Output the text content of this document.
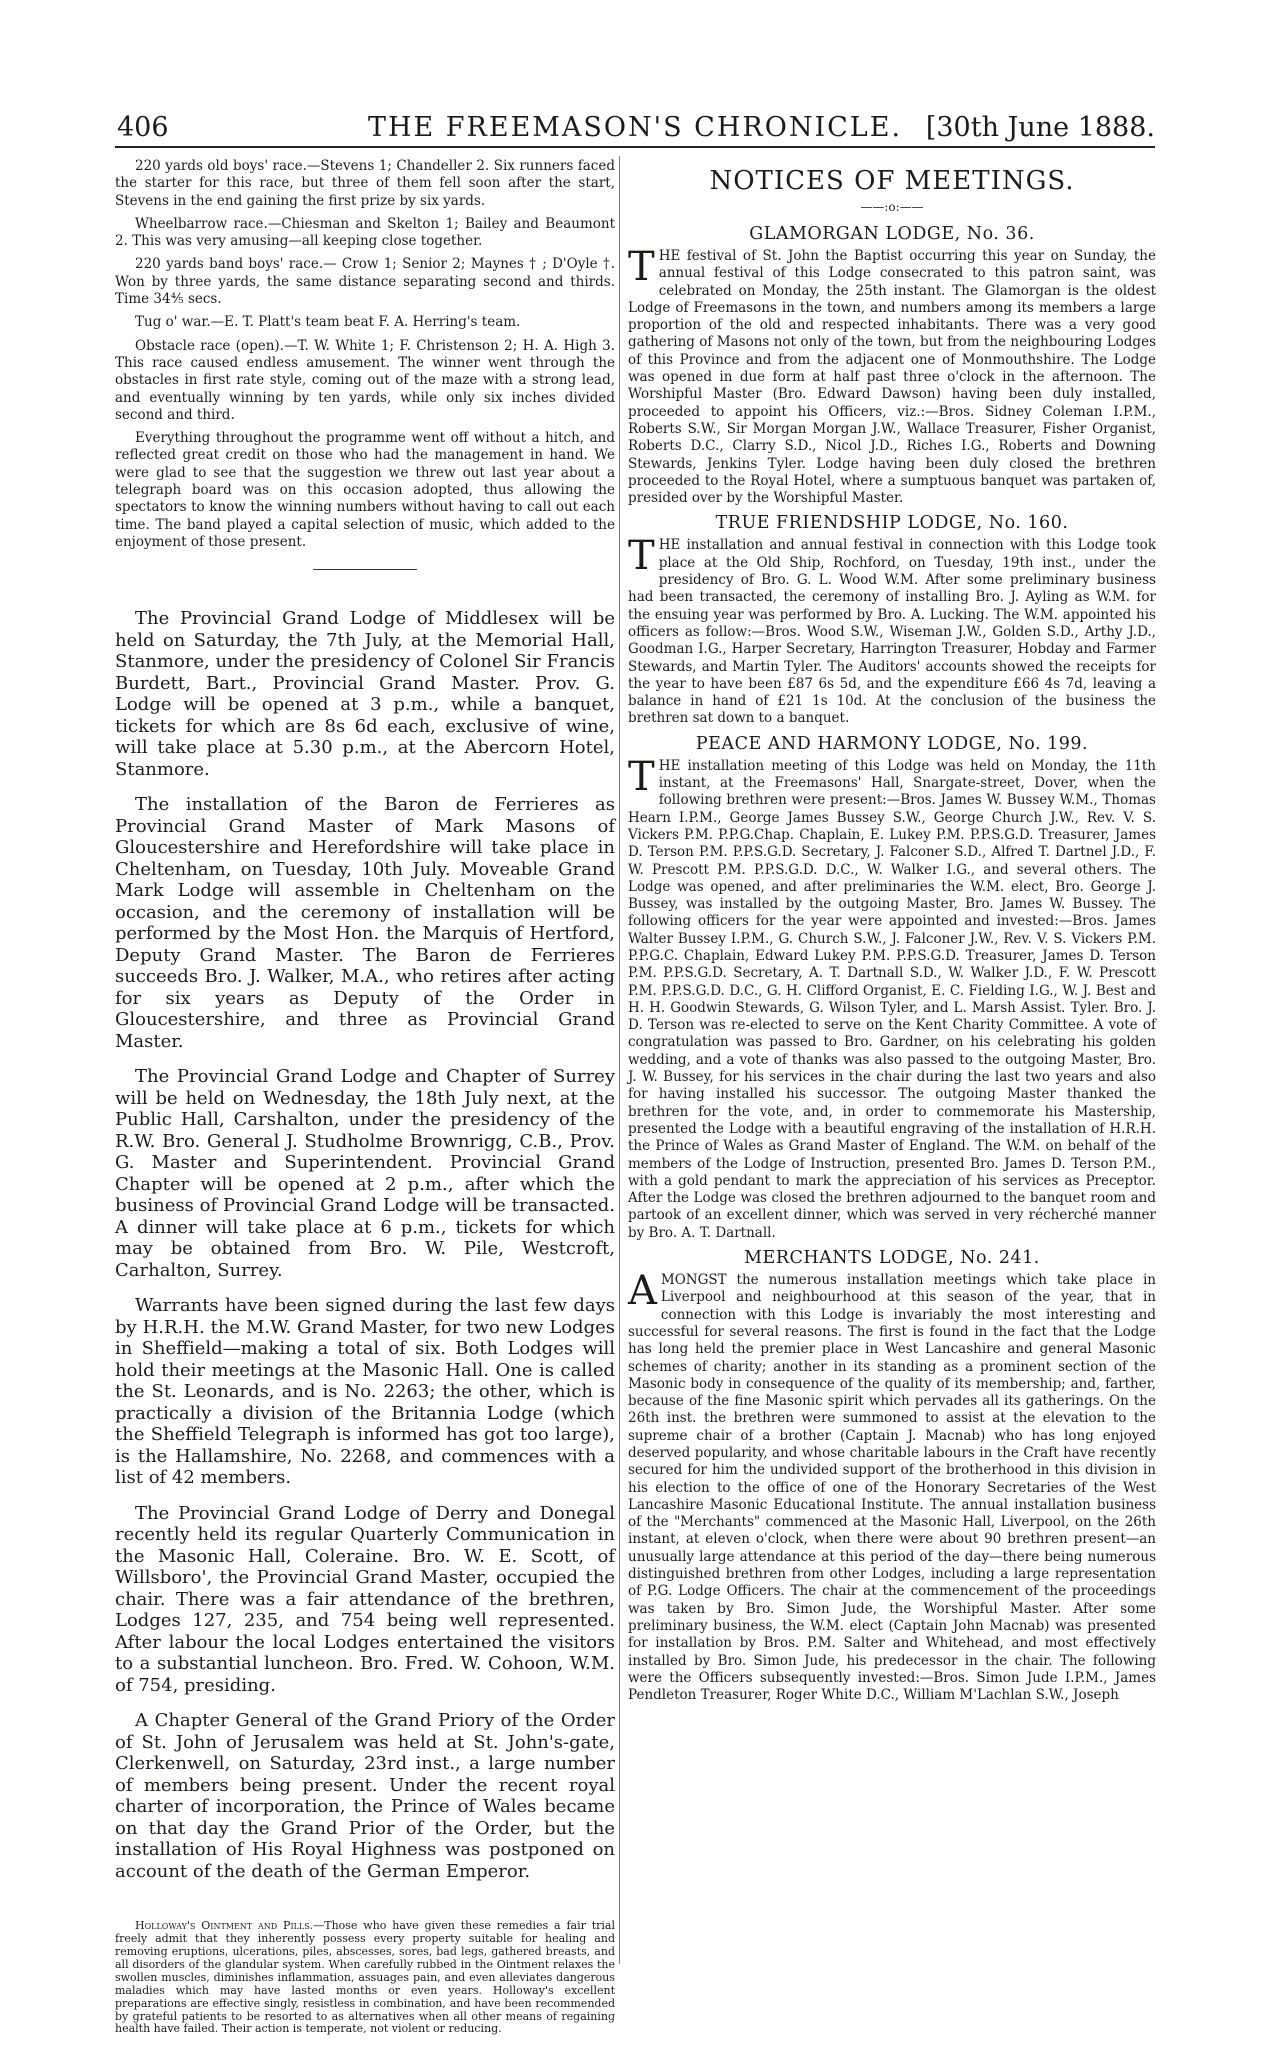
406	THE FREEMASON'S CHRONICLE. [30th June 1888.

220 yards old boys' race.—Stevens 1; Chandeller 2. Six runners faced the starter for this race, but three of them fell soon after the start, Stevens in the end gaining the first prize by six yards.

Wheelbarrow race.—Chiesman and Skelton 1; Bailey and Beaumont 2. This was very amusing—all keeping close together.

220 yards band boys' race.— Crow 1; Senior 2; Maynes † ; D'Oyle †. Won by three yards, the same distance separating second and thirds. Time 34⅘ secs.

Tug o' war.—E. T. Platt's team beat F. A. Herring's team.

Obstacle race (open).—T. W. White 1; F. Christenson 2; H. A. High 3. This race caused endless amusement. The winner went through the obstacles in first rate style, coming out of the maze with a strong lead, and eventually winning by ten yards, while only six inches divided second and third.

Everything throughout the programme went off without a hitch, and reflected great credit on those who had the management in hand. We were glad to see that the suggestion we threw out last year about a telegraph board was on this occasion adopted, thus allowing the spectators to know the winning numbers without having to call out each time. The band played a capital selection of music, which added to the enjoyment of those present.

The Provincial Grand Lodge of Middlesex will be held on Saturday, the 7th July, at the Memorial Hall, Stanmore, under the presidency of Colonel Sir Francis Burdett, Bart., Provincial Grand Master. Prov. G. Lodge will be opened at 3 p.m., while a banquet, tickets for which are 8s 6d each, exclusive of wine, will take place at 5.30 p.m., at the Abercorn Hotel, Stanmore.

The installation of the Baron de Ferrieres as Provincial Grand Master of Mark Masons of Gloucestershire and Herefordshire will take place in Cheltenham, on Tuesday, 10th July. Moveable Grand Mark Lodge will assemble in Cheltenham on the occasion, and the ceremony of installation will be performed by the Most Hon. the Marquis of Hertford, Deputy Grand Master. The Baron de Ferrieres succeeds Bro. J. Walker, M.A., who retires after acting for six years as Deputy of the Order in Gloucestershire, and three as Provincial Grand Master.

The Provincial Grand Lodge and Chapter of Surrey will be held on Wednesday, the 18th July next, at the Public Hall, Carshalton, under the presidency of the R.W. Bro. General J. Studholme Brownrigg, C.B., Prov. G. Master and Superintendent. Provincial Grand Chapter will be opened at 2 p.m., after which the business of Provincial Grand Lodge will be transacted. A dinner will take place at 6 p.m., tickets for which may be obtained from Bro. W. Pile, Westcroft, Carhalton, Surrey.

Warrants have been signed during the last few days by H.R.H. the M.W. Grand Master, for two new Lodges in Sheffield—making a total of six. Both Lodges will hold their meetings at the Masonic Hall. One is called the St. Leonards, and is No. 2263; the other, which is practically a division of the Britannia Lodge (which the Sheffield Telegraph is informed has got too large), is the Hallamshire, No. 2268, and commences with a list of 42 members.

The Provincial Grand Lodge of Derry and Donegal recently held its regular Quarterly Communication in the Masonic Hall, Coleraine. Bro. W. E. Scott, of Willsboro', the Provincial Grand Master, occupied the chair. There was a fair attendance of the brethren, Lodges 127, 235, and 754 being well represented. After labour the local Lodges entertained the visitors to a substantial luncheon. Bro. Fred. W. Cohoon, W.M. of 754, presiding.

A Chapter General of the Grand Priory of the Order of St. John of Jerusalem was held at St. John's-gate, Clerkenwell, on Saturday, 23rd inst., a large number of members being present. Under the recent royal charter of incorporation, the Prince of Wales became on that day the Grand Prior of the Order, but the installation of His Royal Highness was postponed on account of the death of the German Emperor.

Holloway's Ointment and Pills.—Those who have given these remedies a fair trial freely admit that they inherently possess every property suitable for healing and removing eruptions, ulcerations, piles, abscesses, sores, bad legs, gathered breasts, and all disorders of the glandular system. When carefully rubbed in the Ointment relaxes the swollen muscles, diminishes inflammation, assuages pain, and even alleviates dangerous maladies which may have lasted months or even years. Holloway's excellent preparations are effective singly, resistless in combination, and have been recommended by grateful patients to be resorted to as alternatives when all other means of regaining health have failed. Their action is temperate, not violent or reducing.

NOTICES OF MEETINGS.
——:o:——
GLAMORGAN LODGE, No. 36.

THE festival of St. John the Baptist occurring this year on Sunday, the annual festival of this Lodge consecrated to this patron saint, was celebrated on Monday, the 25th instant. The Glamorgan is the oldest Lodge of Freemasons in the town, and numbers among its members a large proportion of the old and respected inhabitants. There was a very good gathering of Masons not only of the town, but from the neighbouring Lodges of this Province and from the adjacent one of Monmouthshire. The Lodge was opened in due form at half past three o'clock in the afternoon. The Worshipful Master (Bro. Edward Dawson) having been duly installed, proceeded to appoint his Officers, viz.:—Bros. Sidney Coleman I.P.M., Roberts S.W., Sir Morgan Morgan J.W., Wallace Treasurer, Fisher Organist, Roberts D.C., Clarry S.D., Nicol J.D., Riches I.G., Roberts and Downing Stewards, Jenkins Tyler. Lodge having been duly closed the brethren proceeded to the Royal Hotel, where a sumptuous banquet was partaken of, presided over by the Worshipful Master.

TRUE FRIENDSHIP LODGE, No. 160.

THE installation and annual festival in connection with this Lodge took place at the Old Ship, Rochford, on Tuesday, 19th inst., under the presidency of Bro. G. L. Wood W.M. After some preliminary business had been transacted, the ceremony of installing Bro. J. Ayling as W.M. for the ensuing year was performed by Bro. A. Lucking. The W.M. appointed his officers as follow:—Bros. Wood S.W., Wiseman J.W., Golden S.D., Arthy J.D., Goodman I.G., Harper Secretary, Harrington Treasurer, Hobday and Farmer Stewards, and Martin Tyler. The Auditors' accounts showed the receipts for the year to have been £87 6s 5d, and the expenditure £66 4s 7d, leaving a balance in hand of £21 1s 10d. At the conclusion of the business the brethren sat down to a banquet.

PEACE AND HARMONY LODGE, No. 199.

THE installation meeting of this Lodge was held on Monday, the 11th instant, at the Freemasons' Hall, Snargate-street, Dover, when the following brethren were present:—Bros. James W. Bussey W.M., Thomas Hearn I.P.M., George James Bussey S.W., George Church J.W., Rev. V. S. Vickers P.M. P.P.G.Chap. Chaplain, E. Lukey P.M. P.P.S.G.D. Treasurer, James D. Terson P.M. P.P.S.G.D. Secretary, J. Falconer S.D., Alfred T. Dartnel J.D., F. W. Prescott P.M. P.P.S.G.D. D.C., W. Walker I.G., and several others. The Lodge was opened, and after preliminaries the W.M. elect, Bro. George J. Bussey, was installed by the outgoing Master, Bro. James W. Bussey. The following officers for the year were appointed and invested:—Bros. James Walter Bussey I.P.M., G. Church S.W., J. Falconer J.W., Rev. V. S. Vickers P.M. P.P.G.C. Chaplain, Edward Lukey P.M. P.P.S.G.D. Treasurer, James D. Terson P.M. P.P.S.G.D. Secretary, A. T. Dartnall S.D., W. Walker J.D., F. W. Prescott P.M. P.P.S.G.D. D.C., G. H. Clifford Organist, E. C. Fielding I.G., W. J. Best and H. H. Goodwin Stewards, G. Wilson Tyler, and L. Marsh Assist. Tyler. Bro. J. D. Terson was re-elected to serve on the Kent Charity Committee. A vote of congratulation was passed to Bro. Gardner, on his celebrating his golden wedding, and a vote of thanks was also passed to the outgoing Master, Bro. J. W. Bussey, for his services in the chair during the last two years and also for having installed his successor. The outgoing Master thanked the brethren for the vote, and, in order to commemorate his Mastership, presented the Lodge with a beautiful engraving of the installation of H.R.H. the Prince of Wales as Grand Master of England. The W.M. on behalf of the members of the Lodge of Instruction, presented Bro. James D. Terson P.M., with a gold pendant to mark the appreciation of his services as Preceptor. After the Lodge was closed the brethren adjourned to the banquet room and partook of an excellent dinner, which was served in very récherché manner by Bro. A. T. Dartnall.

MERCHANTS LODGE, No. 241.

AMONGST the numerous installation meetings which take place in Liverpool and neighbourhood at this season of the year, that in connection with this Lodge is invariably the most interesting and successful for several reasons. The first is found in the fact that the Lodge has long held the premier place in West Lancashire and general Masonic schemes of charity; another in its standing as a prominent section of the Masonic body in consequence of the quality of its membership; and, farther, because of the fine Masonic spirit which pervades all its gatherings. On the 26th inst. the brethren were summoned to assist at the elevation to the supreme chair of a brother (Captain J. Macnab) who has long enjoyed deserved popularity, and whose charitable labours in the Craft have recently secured for him the undivided support of the brotherhood in this division in his election to the office of one of the Honorary Secretaries of the West Lancashire Masonic Educational Institute. The annual installation business of the "Merchants" commenced at the Masonic Hall, Liverpool, on the 26th instant, at eleven o'clock, when there were about 90 brethren present—an unusually large attendance at this period of the day—there being numerous distinguished brethren from other Lodges, including a large representation of P.G. Lodge Officers. The chair at the commencement of the proceedings was taken by Bro. Simon Jude, the Worshipful Master. After some preliminary business, the W.M. elect (Captain John Macnab) was presented for installation by Bros. P.M. Salter and Whitehead, and most effectively installed by Bro. Simon Jude, his predecessor in the chair. The following were the Officers subsequently invested:—Bros. Simon Jude I.P.M., James Pendleton Treasurer, Roger White D.C., William M'Lachlan S.W., Joseph
